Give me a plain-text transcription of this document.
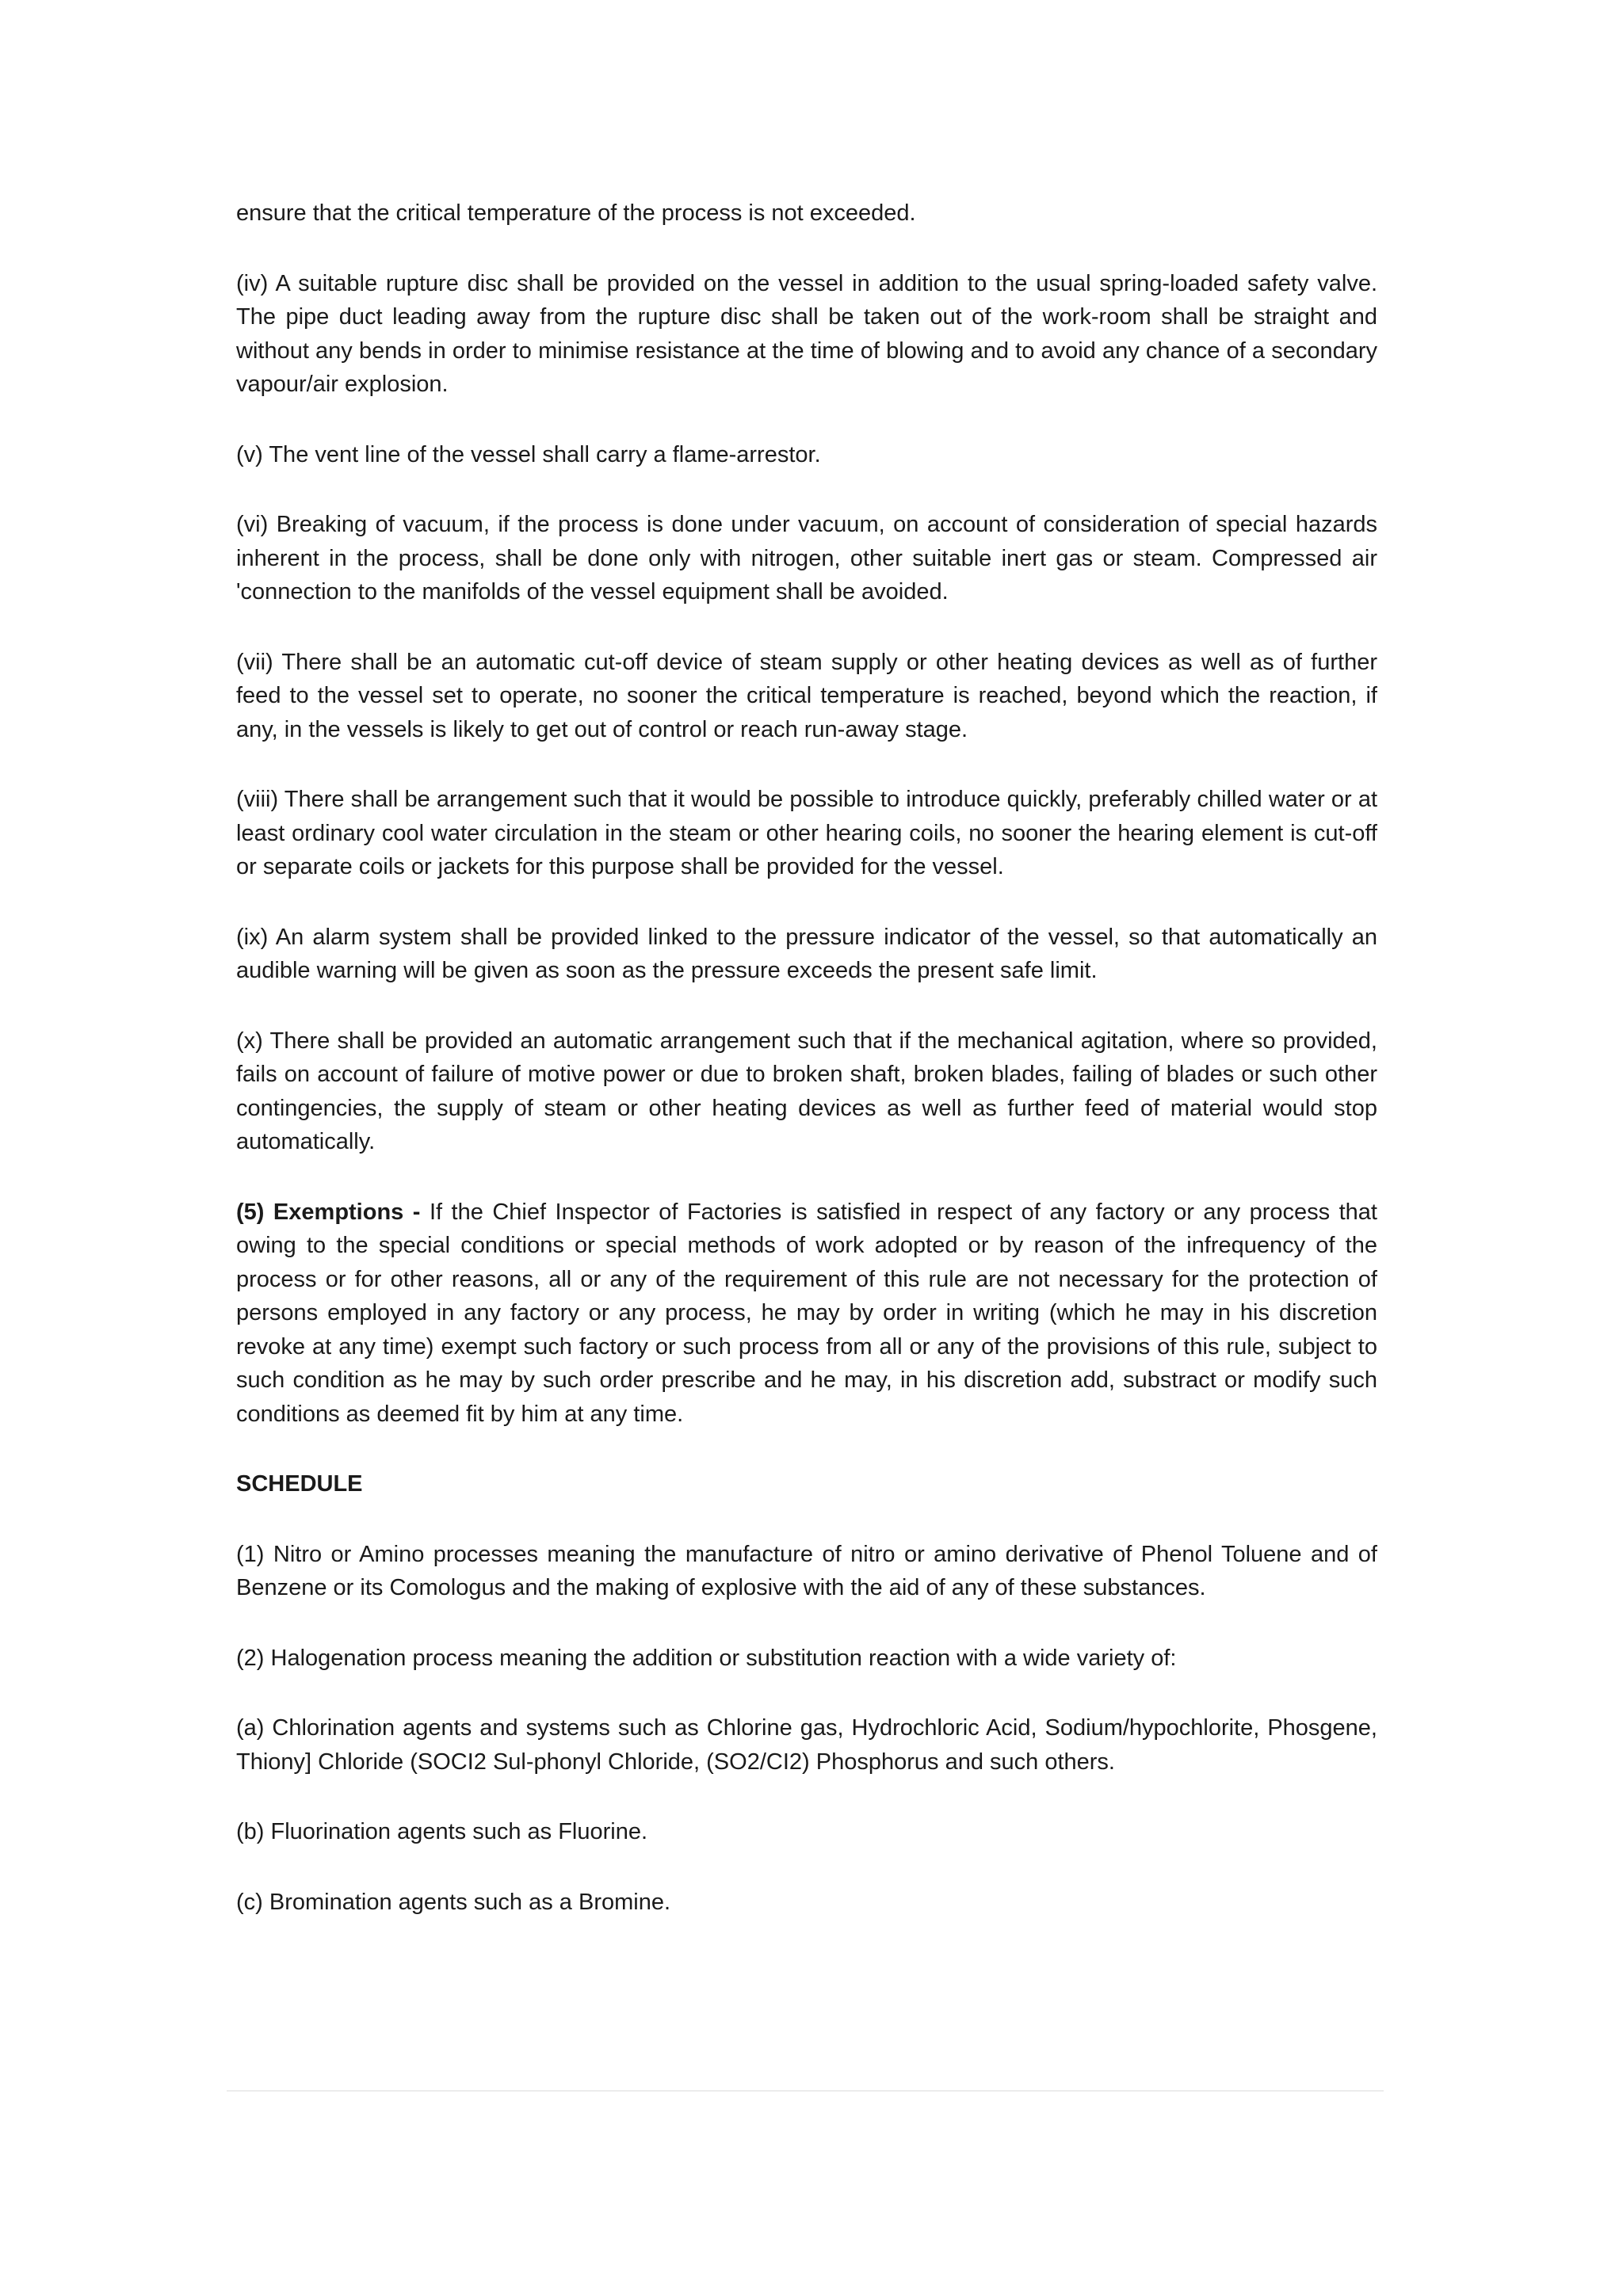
ensure that the critical temperature of the process is not exceeded.

(iv) A suitable rupture disc shall be provided on the vessel in addition to the usual spring-loaded safety valve. The pipe duct leading away from the rupture disc shall be taken out of the work-room shall be straight and without any bends in order to minimise resistance at the time of blowing and to avoid any chance of a secondary vapour/air explosion.

(v) The vent line of the vessel shall carry a flame-arrestor.

(vi) Breaking of vacuum, if the process is done under vacuum, on account of consideration of special hazards inherent in the process, shall be done only with nitrogen, other suitable inert gas or steam. Compressed air 'connection to the manifolds of the vessel equipment shall be avoided.

(vii) There shall be an automatic cut-off device of steam supply or other heating devices as well as of further feed to the vessel set to operate, no sooner the critical temperature is reached, beyond which the reaction, if any, in the vessels is likely to get out of control or reach run-away stage.

(viii) There shall be arrangement such that it would be possible to introduce quickly, preferably chilled water or at least ordinary cool water circulation in the steam or other hearing coils, no sooner the hearing element is cut-off or separate coils or jackets for this purpose shall be provided for the vessel.

(ix) An alarm system shall be provided linked to the pressure indicator of the vessel, so that automatically an audible warning will be given as soon as the pressure exceeds the present safe limit.

(x) There shall be provided an automatic arrangement such that if the mechanical agitation, where so provided, fails on account of failure of motive power or due to broken shaft, broken blades, failing of blades or such other contingencies, the supply of steam or other heating devices as well as further feed of material would stop automatically.

(5) Exemptions - If the Chief Inspector of Factories is satisfied in respect of any factory or any process that owing to the special conditions or special methods of work adopted or by reason of the infrequency of the process or for other reasons, all or any of the requirement of this rule are not necessary for the protection of persons employed in any factory or any process, he may by order in writing (which he may in his discretion revoke at any time) exempt such factory or such process from all or any of the provisions of this rule, subject to such condition as he may by such order prescribe and he may, in his discretion add, substract or modify such conditions as deemed fit by him at any time.

SCHEDULE

(1) Nitro or Amino processes meaning the manufacture of nitro or amino derivative of Phenol Toluene and of Benzene or its Comologus and the making of explosive with the aid of any of these substances.

(2) Halogenation process meaning the addition or substitution reaction with a wide variety of:

(a) Chlorination agents and systems such as Chlorine gas, Hydrochloric Acid, Sodium/hypochlorite, Phosgene, Thiony] Chloride (SOCI2 Sul-phonyl Chloride, (SO2/CI2) Phosphorus and such others.

(b) Fluorination agents such as Fluorine.

(c) Bromination agents such as a Bromine.
